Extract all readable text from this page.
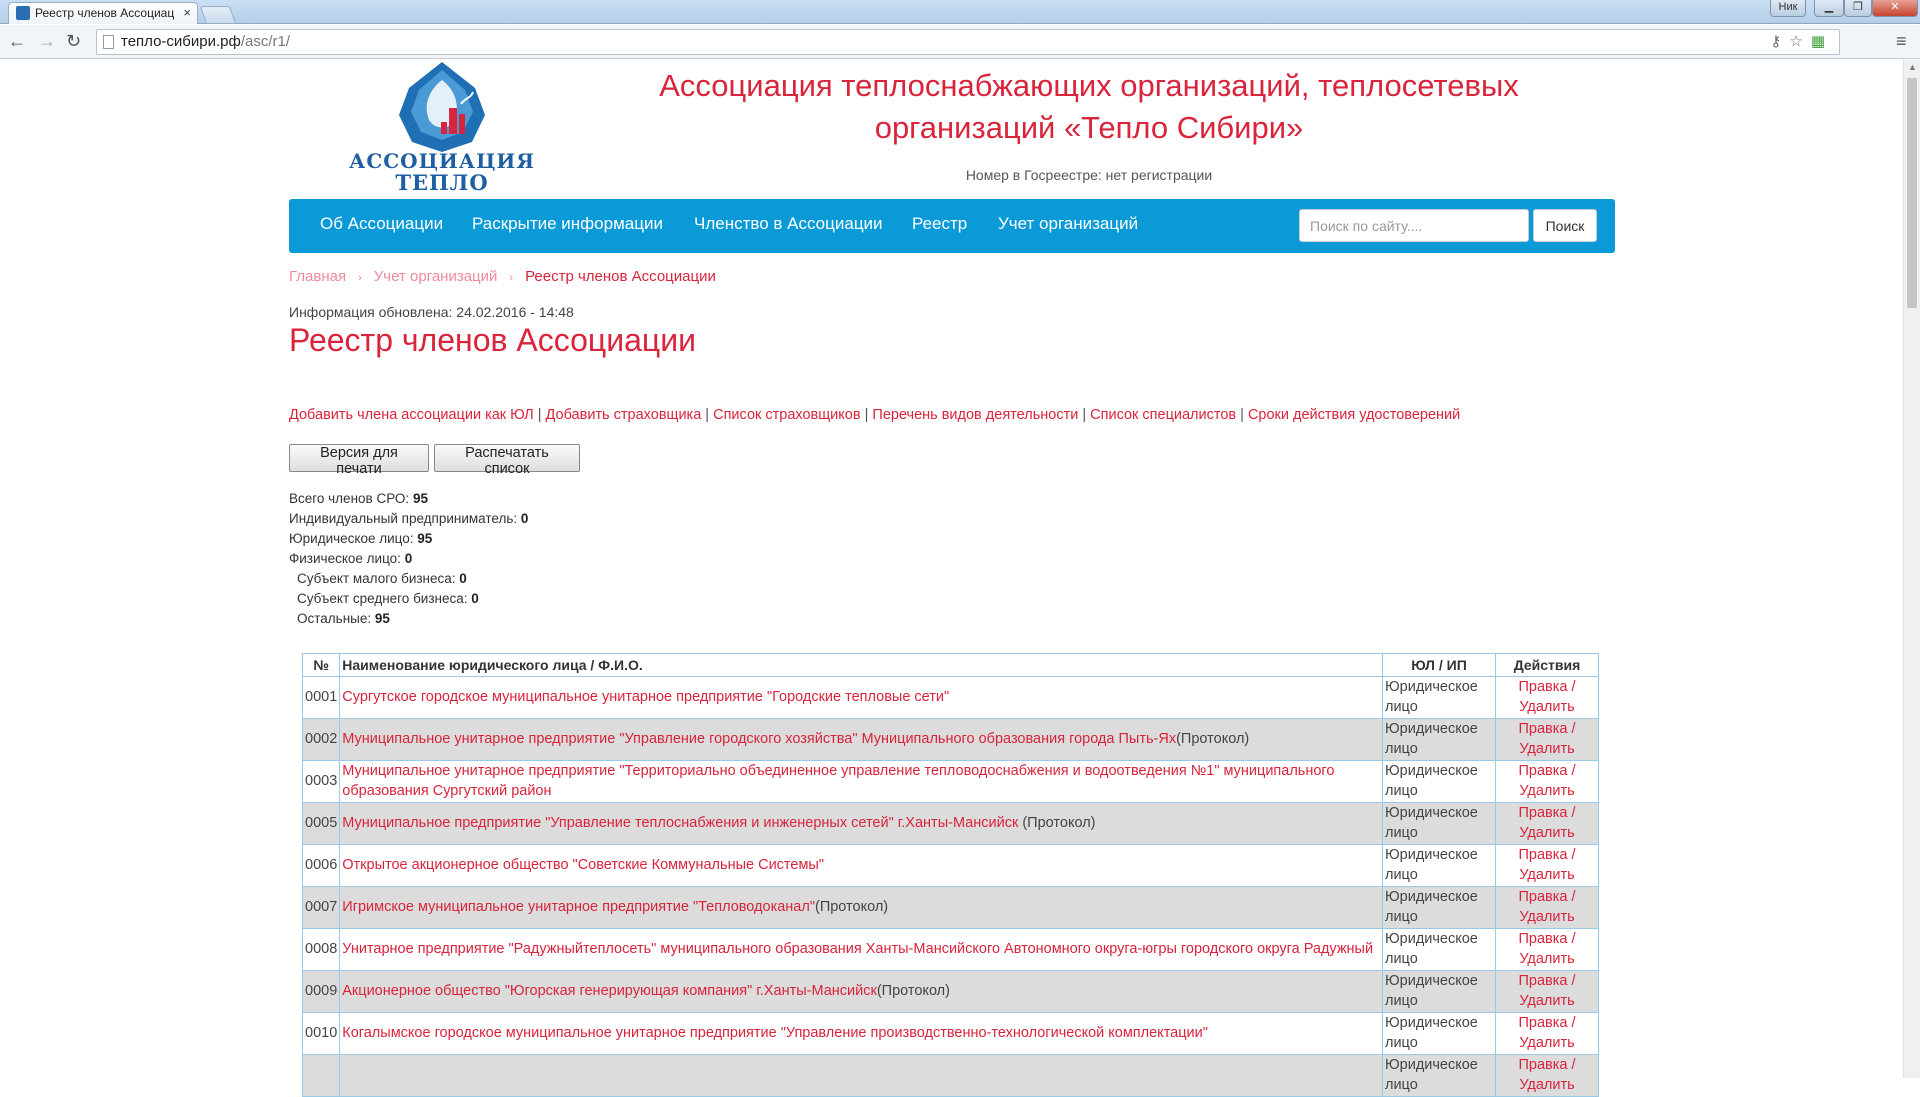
Реестр членов Ассоциац ×	Ник	▁	❐	✕
← → ↻	тепло-сибири.рф/asc/r1/	⚷☆▦	≡
АССОЦИАЦИЯ
ТЕПЛО
Ассоциация теплоснабжающих организаций, теплосетевых организаций «Тепло Сибири»
Номер в Госреестре: нет регистрации
Об Ассоциации Раскрытие информации Членство в Ассоциации Реестр Учет организаций
Поиск по сайту....	Поиск
Главная › Учет организаций › Реестр членов Ассоциации
Информация обновлена: 24.02.2016 - 14:48
Реестр членов Ассоциации
Добавить члена ассоциации как ЮЛ | Добавить страховщика | Список страховщиков | Перечень видов деятельности | Список специалистов | Сроки действия удостоверений
Версия для печати
Распечатать список
Всего членов СРО: 95
Индивидуальный предприниматель: 0
Юридическое лицо: 95
Физическое лицо: 0
Субъект малого бизнеса: 0
Субъект среднего бизнеса: 0
Остальные: 95
№	Наименование юридического лица / Ф.И.О.	ЮЛ / ИП	Действия
0001	Сургутское городское муниципальное унитарное предприятие "Городские тепловые сети"	Юридическое лицо	Правка /
Удалить
0002	Муниципальное унитарное предприятие "Управление городского хозяйства" Муниципального образования города Пыть-Ях(Протокол)	Юридическое лицо	Правка /
Удалить
0003	Муниципальное унитарное предприятие "Территориально объединенное управление тепловодоснабжения и водоотведения №1" муниципального образования Сургутский район	Юридическое лицо	Правка /
Удалить
0005	Муниципальное предприятие "Управление теплоснабжения и инженерных сетей" г.Ханты-Мансийск (Протокол)	Юридическое лицо	Правка /
Удалить
0006	Открытое акционерное общество "Советские Коммунальные Системы"	Юридическое лицо	Правка /
Удалить
0007	Игримское муниципальное унитарное предприятие "Тепловодоканал"(Протокол)	Юридическое лицо	Правка /
Удалить
0008	Унитарное предприятие "Радужныйтеплосеть" муниципального образования Ханты-Мансийского Автономного округа-югры городского округа Радужный	Юридическое лицо	Правка /
Удалить
0009	Акционерное общество "Югорская генерирующая компания" г.Ханты-Мансийск(Протокол)	Юридическое лицо	Правка /
Удалить
0010	Когалымское городское муниципальное унитарное предприятие "Управление производственно-технологической комплектации"	Юридическое лицо	Правка /
Удалить
		Юридическое лицо	Правка /
Удалить
▲
